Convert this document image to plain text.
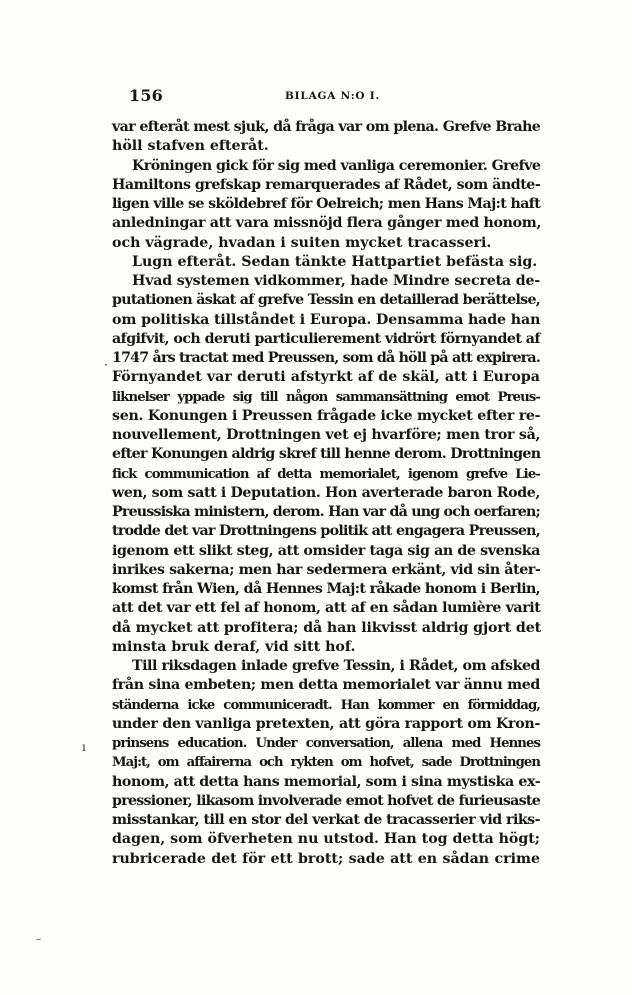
156	BILAGA N:O I.
var efteråt mest sjuk, då fråga var om plena. Grefve Brahe
höll stafven efteråt.
Kröningen gick för sig med vanliga ceremonier. Grefve
Hamiltons grefskap remarquerades af Rådet, som ändte-
ligen ville se sköldebref för Oelreich; men Hans Maj:t haft
anledningar att vara missnöjd flera gånger med honom,
och vägrade, hvadan i suiten mycket tracasseri.
Lugn efteråt. Sedan tänkte Hattpartiet befästa sig.
Hvad systemen vidkommer, hade Mindre secreta de-
putationen äskat af grefve Tessin en detaillerad berättelse,
om politiska tillståndet i Europa. Densamma hade han
afgifvit, och deruti particulierement vidrört förnyandet af
1747 års tractat med Preussen, som då höll på att expirera.
Förnyandet var deruti afstyrkt af de skäl, att i Europa
liknelser yppade sig till någon sammansättning emot Preus-
sen. Konungen i Preussen frågade icke mycket efter re-
nouvellement, Drottningen vet ej hvarföre; men tror så,
efter Konungen aldrig skref till henne derom. Drottningen
fick communication af detta memorialet, igenom grefve Lie-
wen, som satt i Deputation. Hon averterade baron Rode,
Preussiska ministern, derom. Han var då ung och oerfaren;
trodde det var Drottningens politik att engagera Preussen,
igenom ett slikt steg, att omsider taga sig an de svenska
inrikes sakerna; men har sedermera erkänt, vid sin åter-
komst från Wien, då Hennes Maj:t råkade honom i Berlin,
att det var ett fel af honom, att af en sådan lumière varit
då mycket att profitera; då han likvisst aldrig gjort det
minsta bruk deraf, vid sitt hof.
Till riksdagen inlade grefve Tessin, i Rådet, om afsked
från sina embeten; men detta memorialet var ännu med
ständerna icke communiceradt. Han kommer en förmiddag,
under den vanliga pretexten, att göra rapport om Kron-
prinsens education. Under conversation, allena med Hennes
Maj:t, om affairerna och rykten om hofvet, sade Drottningen
honom, att detta hans memorial, som i sina mystiska ex-
pressioner, likasom involverade emot hofvet de furieusaste
misstankar, till en stor del verkat de tracasserier vid riks-
dagen, som öfverheten nu utstod. Han tog detta högt;
rubricerade det för ett brott; sade att en sådan crime
·
ı
–
